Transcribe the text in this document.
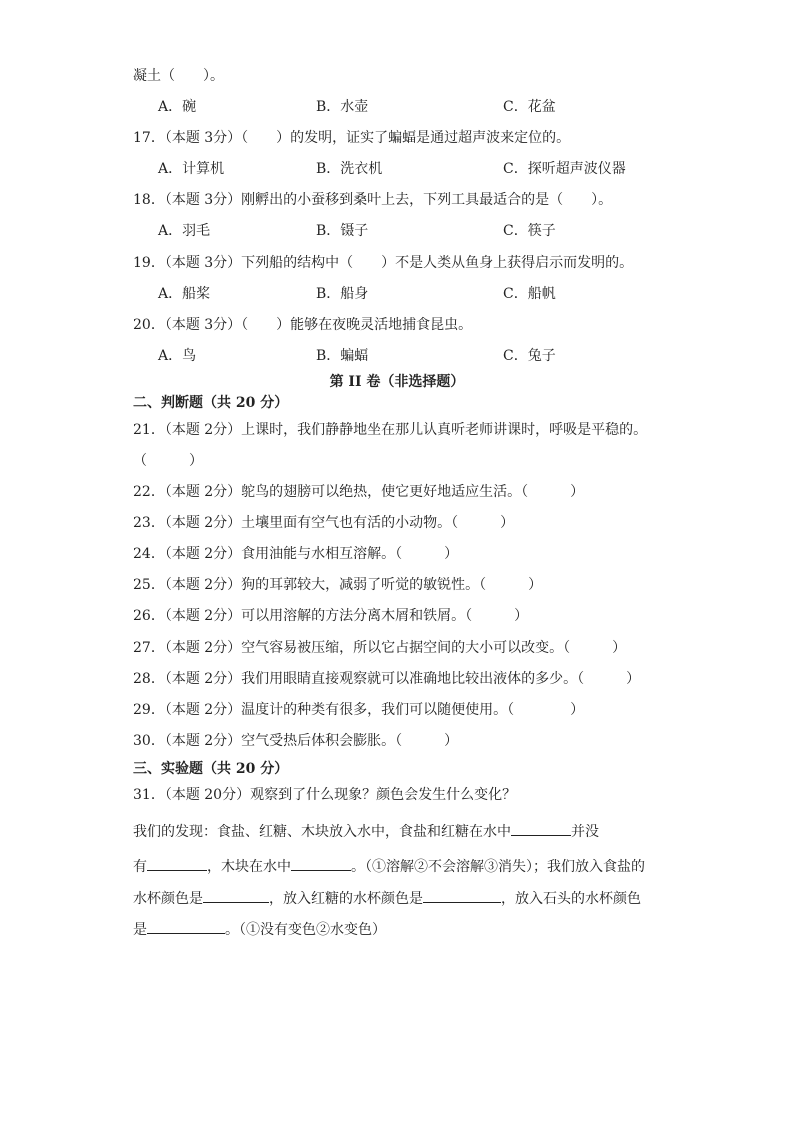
凝土（　　）。
A．碗	B．水壶	C．花盆
17．（本题 3分）（　　）的发明，证实了蝙蝠是通过超声波来定位的。
A．计算机	B．洗衣机	C．探听超声波仪器
18．（本题 3分）刚孵出的小蚕移到桑叶上去，下列工具最适合的是（　　）。
A．羽毛	B．镊子	C．筷子
19．（本题 3分）下列船的结构中（　　）不是人类从鱼身上获得启示而发明的。
A．船桨	B．船身	C．船帆
20．（本题 3分）（　　）能够在夜晚灵活地捕食昆虫。
A．鸟	B．蝙蝠	C．兔子
第 II 卷（非选择题）
二、判断题（共 20 分）
21．（本题 2分）上课时，我们静静地坐在那儿认真听老师讲课时，呼吸是平稳的。
（　　　）
22．（本题 2分）鸵鸟的翅膀可以绝热，使它更好地适应生活。（　　　）
23．（本题 2分）土壤里面有空气也有活的小动物。（　　　）
24．（本题 2分）食用油能与水相互溶解。（　　　）
25．（本题 2分）狗的耳郭较大，减弱了听觉的敏锐性。（　　　）
26．（本题 2分）可以用溶解的方法分离木屑和铁屑。（　　　）
27．（本题 2分）空气容易被压缩，所以它占据空间的大小可以改变。（　　　）
28．（本题 2分）我们用眼睛直接观察就可以准确地比较出液体的多少。（　　　）
29．（本题 2分）温度计的种类有很多，我们可以随便使用。（　　　　）
30．（本题 2分）空气受热后体积会膨胀。（　　　）
三、实验题（共 20 分）
31．（本题 20分）观察到了什么现象？颜色会发生什么变化？
我们的发现：食盐、红糖、木块放入水中，食盐和红糖在水中	并没
有	，木块在水中	。（①溶解②不会溶解③消失）；我们放入食盐的
水杯颜色是	，放入红糖的水杯颜色是	，放入石头的水杯颜色
是	。（①没有变色②水变色）
